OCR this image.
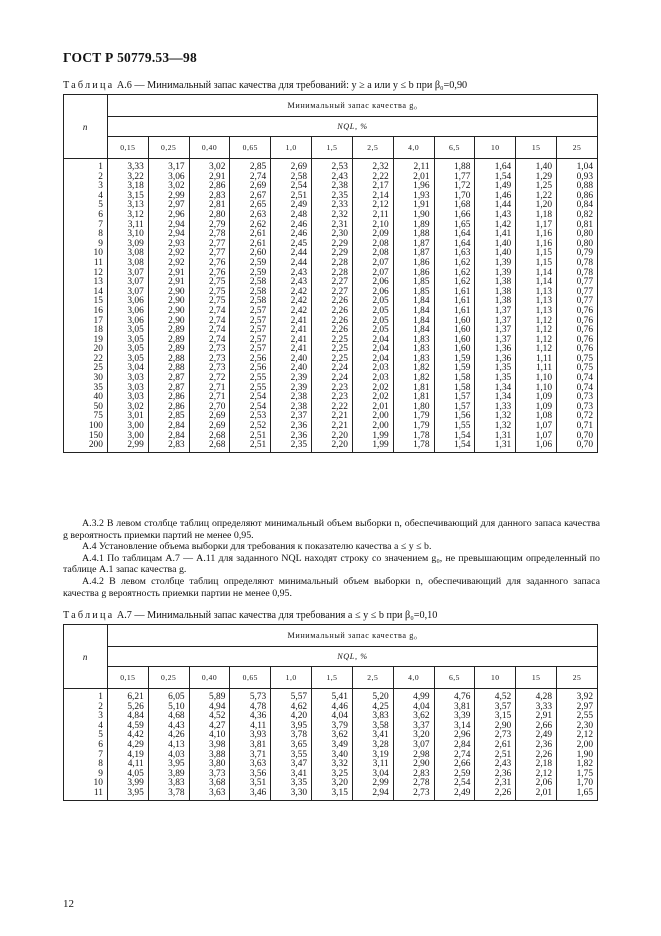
ГОСТ Р 50779.53—98
Таблица А.6 — Минимальный запас качества для требований: y ≥ a или y ≤ b при β₀=0,90
n	Минимальный запас качества g₀											
	NQL, %											
	0,15	0,25	0,40	0,65	1,0	1,5	2,5	4,0	6,5	10	15	25
1	3,33	3,17	3,02	2,85	2,69	2,53	2,32	2,11	1,88	1,64	1,40	1,04
2	3,22	3,06	2,91	2,74	2,58	2,43	2,22	2,01	1,77	1,54	1,29	0,93
3	3,18	3,02	2,86	2,69	2,54	2,38	2,17	1,96	1,72	1,49	1,25	0,88
4	3,15	2,99	2,83	2,67	2,51	2,35	2,14	1,93	1,70	1,46	1,22	0,86
5	3,13	2,97	2,81	2,65	2,49	2,33	2,12	1,91	1,68	1,44	1,20	0,84
6	3,12	2,96	2,80	2,63	2,48	2,32	2,11	1,90	1,66	1,43	1,18	0,82
7	3,11	2,94	2,79	2,62	2,46	2,31	2,10	1,89	1,65	1,42	1,17	0,81
8	3,10	2,94	2,78	2,61	2,46	2,30	2,09	1,88	1,64	1,41	1,16	0,80
9	3,09	2,93	2,77	2,61	2,45	2,29	2,08	1,87	1,64	1,40	1,16	0,80
10	3,08	2,92	2,77	2,60	2,44	2,29	2,08	1,87	1,63	1,40	1,15	0,79
11	3,08	2,92	2,76	2,59	2,44	2,28	2,07	1,86	1,62	1,39	1,15	0,78
12	3,07	2,91	2,76	2,59	2,43	2,28	2,07	1,86	1,62	1,39	1,14	0,78
13	3,07	2,91	2,75	2,58	2,43	2,27	2,06	1,85	1,62	1,38	1,14	0,77
14	3,07	2,90	2,75	2,58	2,42	2,27	2,06	1,85	1,61	1,38	1,13	0,77
15	3,06	2,90	2,75	2,58	2,42	2,26	2,05	1,84	1,61	1,38	1,13	0,77
16	3,06	2,90	2,74	2,57	2,42	2,26	2,05	1,84	1,61	1,37	1,13	0,76
17	3,06	2,90	2,74	2,57	2,41	2,26	2,05	1,84	1,60	1,37	1,12	0,76
18	3,05	2,89	2,74	2,57	2,41	2,26	2,05	1,84	1,60	1,37	1,12	0,76
19	3,05	2,89	2,74	2,57	2,41	2,25	2,04	1,83	1,60	1,37	1,12	0,76
20	3,05	2,89	2,73	2,57	2,41	2,25	2,04	1,83	1,60	1,36	1,12	0,76
22	3,05	2,88	2,73	2,56	2,40	2,25	2,04	1,83	1,59	1,36	1,11	0,75
25	3,04	2,88	2,73	2,56	2,40	2,24	2,03	1,82	1,59	1,35	1,11	0,75
30	3,03	2,87	2,72	2,55	2,39	2,24	2,03	1,82	1,58	1,35	1,10	0,74
35	3,03	2,87	2,71	2,55	2,39	2,23	2,02	1,81	1,58	1,34	1,10	0,74
40	3,03	2,86	2,71	2,54	2,38	2,23	2,02	1,81	1,57	1,34	1,09	0,73
50	3,02	2,86	2,70	2,54	2,38	2,22	2,01	1,80	1,57	1,33	1,09	0,73
75	3,01	2,85	2,69	2,53	2,37	2,21	2,00	1,79	1,56	1,32	1,08	0,72
100	3,00	2,84	2,69	2,52	2,36	2,21	2,00	1,79	1,55	1,32	1,07	0,71
150	3,00	2,84	2,68	2,51	2,36	2,20	1,99	1,78	1,54	1,31	1,07	0,70
200	2,99	2,83	2,68	2,51	2,35	2,20	1,99	1,78	1,54	1,31	1,06	0,70

А.3.2 В левом столбце таблиц определяют минимальный объем выборки n, обеспечивающий для данного запаса качества g вероятность приемки партий не менее 0,95.

А.4 Установление объема выборки для требования к показателю качества a ≤ y ≤ b.

А.4.1 По таблицам А.7 — А.11 для заданного NQL находят строку со значением g₀, не превышающим определенный по таблице А.1 запас качества g.

А.4.2 В левом столбце таблиц определяют минимальный объем выборки n, обеспечивающий для заданного запаса качества g вероятность приемки партии не менее 0,95.

Таблица А.7 — Минимальный запас качества для требования a ≤ y ≤ b при β₀=0,10
n	Минимальный запас качества g₀											
	NQL, %											
	0,15	0,25	0,40	0,65	1,0	1,5	2,5	4,0	6,5	10	15	25
1	6,21	6,05	5,89	5,73	5,57	5,41	5,20	4,99	4,76	4,52	4,28	3,92
2	5,26	5,10	4,94	4,78	4,62	4,46	4,25	4,04	3,81	3,57	3,33	2,97
3	4,84	4,68	4,52	4,36	4,20	4,04	3,83	3,62	3,39	3,15	2,91	2,55
4	4,59	4,43	4,27	4,11	3,95	3,79	3,58	3,37	3,14	2,90	2,66	2,30
5	4,42	4,26	4,10	3,93	3,78	3,62	3,41	3,20	2,96	2,73	2,49	2,12
6	4,29	4,13	3,98	3,81	3,65	3,49	3,28	3,07	2,84	2,61	2,36	2,00
7	4,19	4,03	3,88	3,71	3,55	3,40	3,19	2,98	2,74	2,51	2,26	1,90
8	4,11	3,95	3,80	3,63	3,47	3,32	3,11	2,90	2,66	2,43	2,18	1,82
9	4,05	3,89	3,73	3,56	3,41	3,25	3,04	2,83	2,59	2,36	2,12	1,75
10	3,99	3,83	3,68	3,51	3,35	3,20	2,99	2,78	2,54	2,31	2,06	1,70
11	3,95	3,78	3,63	3,46	3,30	3,15	2,94	2,73	2,49	2,26	2,01	1,65
12
